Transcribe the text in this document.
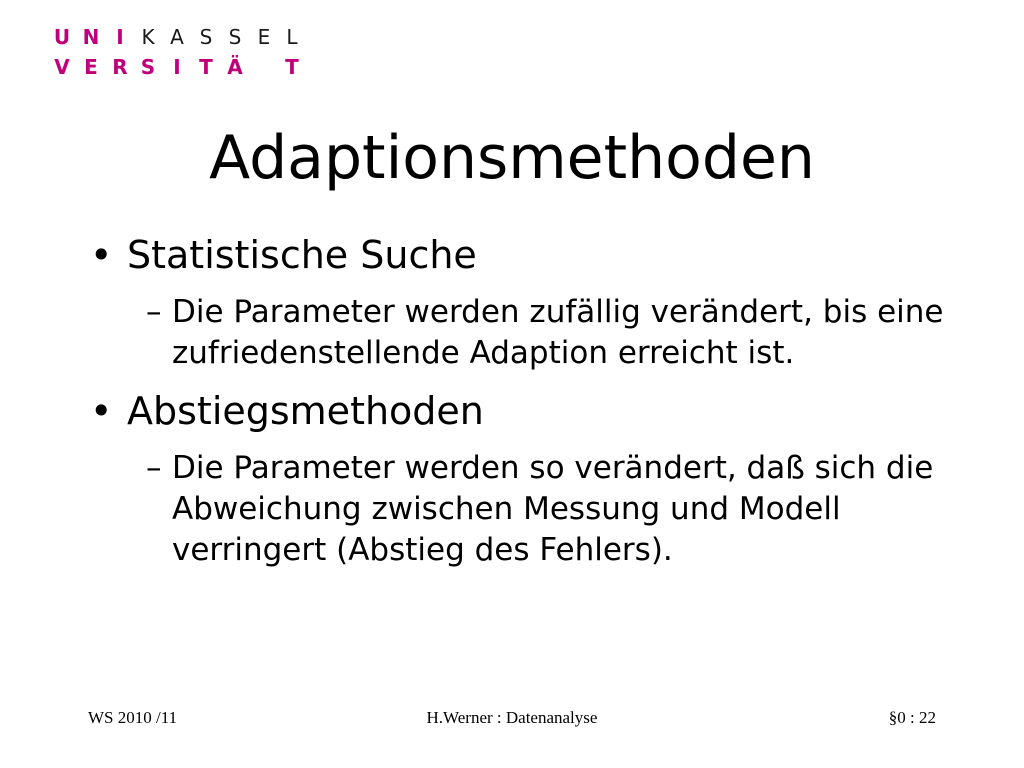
U N I K A S S E L
V E R S I T Ä T
Adaptionsmethoden
• Statistische Suche
– Die Parameter werden zufällig verändert, bis eine zufriedenstellende Adaption erreicht ist.
• Abstiegsmethoden
– Die Parameter werden so verändert, daß sich die Abweichung zwischen Messung und Modell verringert (Abstieg des Fehlers).
WS 2010 /11	H.Werner : Datenanalyse	§0 : 22
